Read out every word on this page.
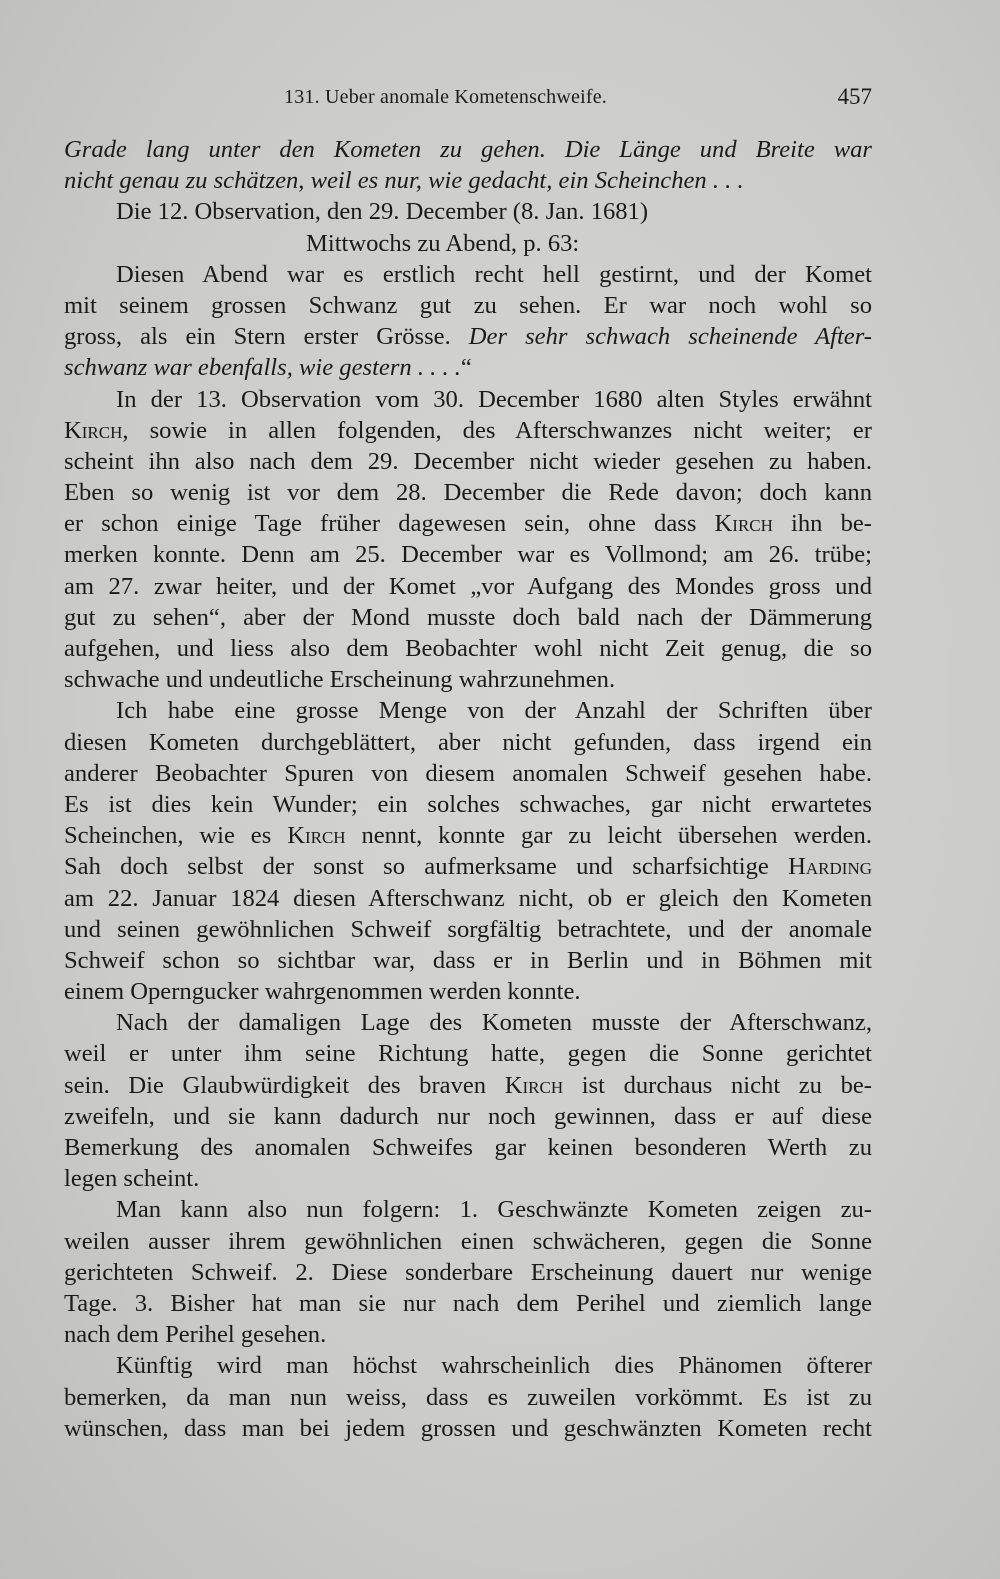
131. Ueber anomale Kometenschweife.	457
Grade lang unter den Kometen zu gehen. Die Länge und Breite war
nicht genau zu schätzen, weil es nur, wie gedacht, ein Scheinchen . . .
Die 12. Observation, den 29. December (8. Jan. 1681)
Mittwochs zu Abend, p. 63:
Diesen Abend war es erstlich recht hell gestirnt, und der Komet
mit seinem grossen Schwanz gut zu sehen. Er war noch wohl so
gross, als ein Stern erster Grösse. Der sehr schwach scheinende After-
schwanz war ebenfalls, wie gestern . . . .“
In der 13. Observation vom 30. December 1680 alten Styles erwähnt
Kirch, sowie in allen folgenden, des Afterschwanzes nicht weiter; er
scheint ihn also nach dem 29. December nicht wieder gesehen zu haben.
Eben so wenig ist vor dem 28. December die Rede davon; doch kann
er schon einige Tage früher dagewesen sein, ohne dass Kirch ihn be-
merken konnte. Denn am 25. December war es Vollmond; am 26. trübe;
am 27. zwar heiter, und der Komet „vor Aufgang des Mondes gross und
gut zu sehen“, aber der Mond musste doch bald nach der Dämmerung
aufgehen, und liess also dem Beobachter wohl nicht Zeit genug, die so
schwache und undeutliche Erscheinung wahrzunehmen.
Ich habe eine grosse Menge von der Anzahl der Schriften über
diesen Kometen durchgeblättert, aber nicht gefunden, dass irgend ein
anderer Beobachter Spuren von diesem anomalen Schweif gesehen habe.
Es ist dies kein Wunder; ein solches schwaches, gar nicht erwartetes
Scheinchen, wie es Kirch nennt, konnte gar zu leicht übersehen werden.
Sah doch selbst der sonst so aufmerksame und scharfsichtige Harding
am 22. Januar 1824 diesen Afterschwanz nicht, ob er gleich den Kometen
und seinen gewöhnlichen Schweif sorgfältig betrachtete, und der anomale
Schweif schon so sichtbar war, dass er in Berlin und in Böhmen mit
einem Operngucker wahrgenommen werden konnte.
Nach der damaligen Lage des Kometen musste der Afterschwanz,
weil er unter ihm seine Richtung hatte, gegen die Sonne gerichtet
sein. Die Glaubwürdigkeit des braven Kirch ist durchaus nicht zu be-
zweifeln, und sie kann dadurch nur noch gewinnen, dass er auf diese
Bemerkung des anomalen Schweifes gar keinen besonderen Werth zu
legen scheint.
Man kann also nun folgern: 1. Geschwänzte Kometen zeigen zu-
weilen ausser ihrem gewöhnlichen einen schwächeren, gegen die Sonne
gerichteten Schweif. 2. Diese sonderbare Erscheinung dauert nur wenige
Tage. 3. Bisher hat man sie nur nach dem Perihel und ziemlich lange
nach dem Perihel gesehen.
Künftig wird man höchst wahrscheinlich dies Phänomen öfterer
bemerken, da man nun weiss, dass es zuweilen vorkömmt. Es ist zu
wünschen, dass man bei jedem grossen und geschwänzten Kometen recht
